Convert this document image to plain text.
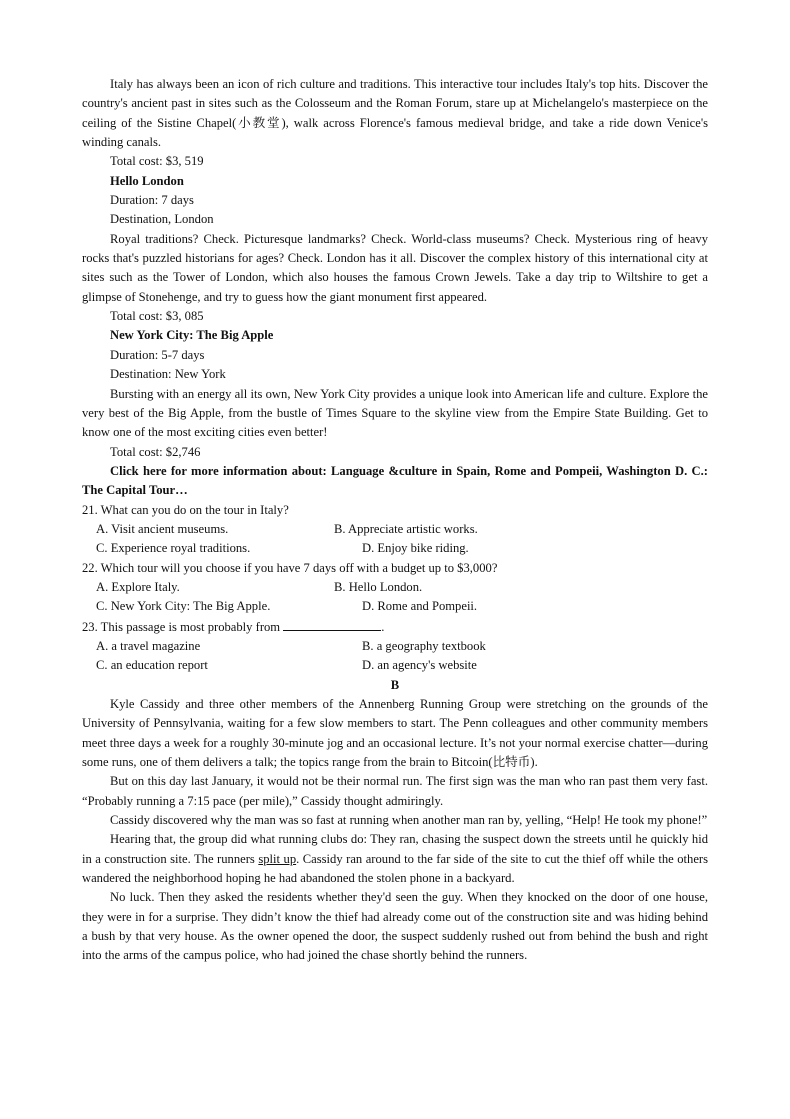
Italy has always been an icon of rich culture and traditions. This interactive tour includes Italy's top hits. Discover the country's ancient past in sites such as the Colosseum and the Roman Forum, stare up at Michelangelo's masterpiece on the ceiling of the Sistine Chapel(小教堂), walk across Florence's famous medieval bridge, and take a ride down Venice's winding canals.

Total cost: $3, 519

Hello London

Duration: 7 days

Destination, London

Royal traditions? Check. Picturesque landmarks? Check. World-class museums? Check. Mysterious ring of heavy rocks that's puzzled historians for ages? Check. London has it all. Discover the complex history of this international city at sites such as the Tower of London, which also houses the famous Crown Jewels. Take a day trip to Wiltshire to get a glimpse of Stonehenge, and try to guess how the giant monument first appeared.

Total cost: $3, 085

New York City: The Big Apple

Duration: 5-7 days

Destination: New York

Bursting with an energy all its own, New York City provides a unique look into American life and culture. Explore the very best of the Big Apple, from the bustle of Times Square to the skyline view from the Empire State Building. Get to know one of the most exciting cities even better!

Total cost: $2,746

Click here for more information about: Language &culture in Spain, Rome and Pompeii, Washington D. C.: The Capital Tour…

21. What can you do on the tour in Italy?

A. Visit ancient museums.	B. Appreciate artistic works.
C. Experience royal traditions.	D. Enjoy bike riding.

22. Which tour will you choose if you have 7 days off with a budget up to $3,000?

A. Explore Italy.	B. Hello London.
C. New York City: The Big Apple.	D. Rome and Pompeii.

23. This passage is most probably from	.

A. a travel magazine	B. a geography textbook
C. an education report	D. an agency's website

B

Kyle Cassidy and three other members of the Annenberg Running Group were stretching on the grounds of the University of Pennsylvania, waiting for a few slow members to start. The Penn colleagues and other community members meet three days a week for a roughly 30-minute jog and an occasional lecture. It’s not your normal exercise chatter—during some runs, one of them delivers a talk; the topics range from the brain to Bitcoin(比特币).

But on this day last January, it would not be their normal run. The first sign was the man who ran past them very fast. “Probably running a 7:15 pace (per mile),” Cassidy thought admiringly.

Cassidy discovered why the man was so fast at running when another man ran by, yelling, “Help! He took my phone!”

Hearing that, the group did what running clubs do: They ran, chasing the suspect down the streets until he quickly hid in a construction site. The runners split up. Cassidy ran around to the far side of the site to cut the thief off while the others wandered the neighborhood hoping he had abandoned the stolen phone in a backyard.

No luck. Then they asked the residents whether they'd seen the guy. When they knocked on the door of one house, they were in for a surprise. They didn’t know the thief had already come out of the construction site and was hiding behind a bush by that very house. As the owner opened the door, the suspect suddenly rushed out from behind the bush and right into the arms of the campus police, who had joined the chase shortly behind the runners.
